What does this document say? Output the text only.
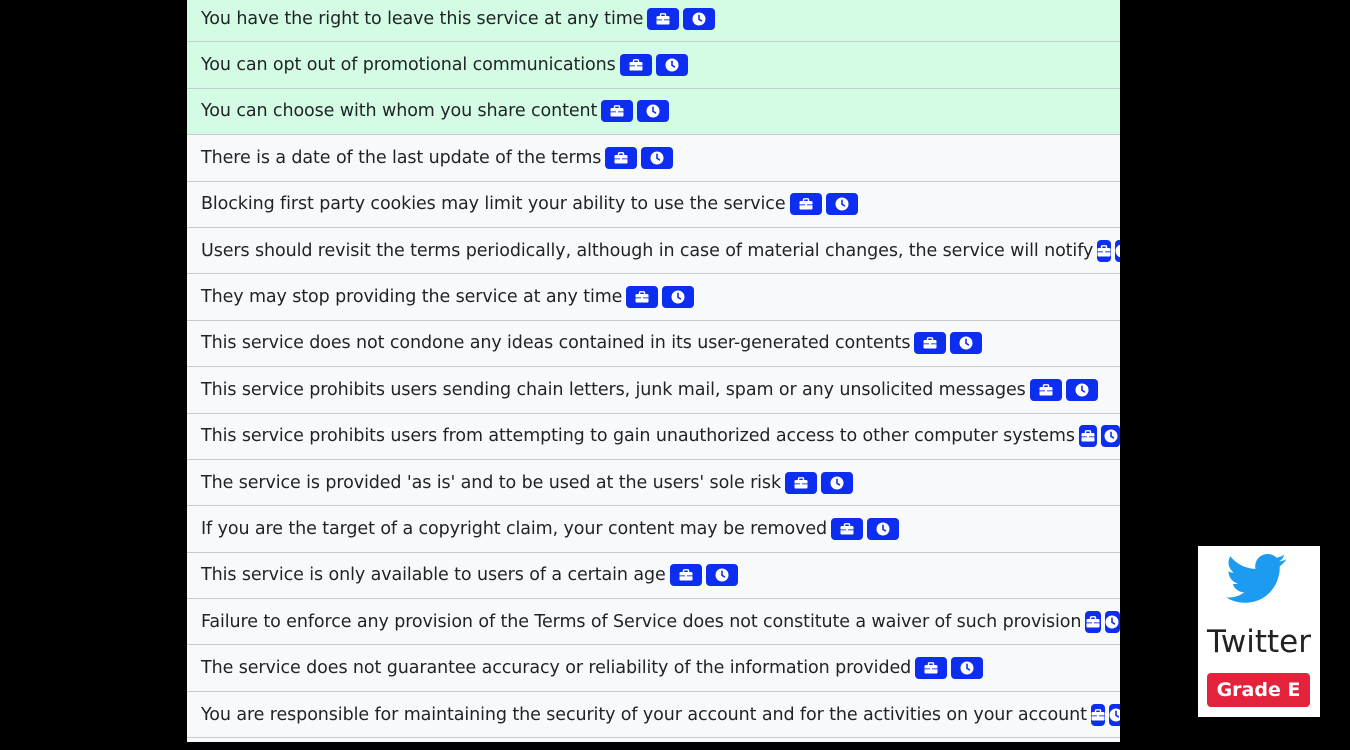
You have the right to leave this service at any time
You can opt out of promotional communications
You can choose with whom you share content
There is a date of the last update of the terms
Blocking first party cookies may limit your ability to use the service
Users should revisit the terms periodically, although in case of material changes, the service will notify
They may stop providing the service at any time
This service does not condone any ideas contained in its user-generated contents
This service prohibits users sending chain letters, junk mail, spam or any unsolicited messages
This service prohibits users from attempting to gain unauthorized access to other computer systems
The service is provided 'as is' and to be used at the users' sole risk
If you are the target of a copyright claim, your content may be removed
This service is only available to users of a certain age
Failure to enforce any provision of the Terms of Service does not constitute a waiver of such provision
The service does not guarantee accuracy or reliability of the information provided
You are responsible for maintaining the security of your account and for the activities on your account
Twitter
Grade E
